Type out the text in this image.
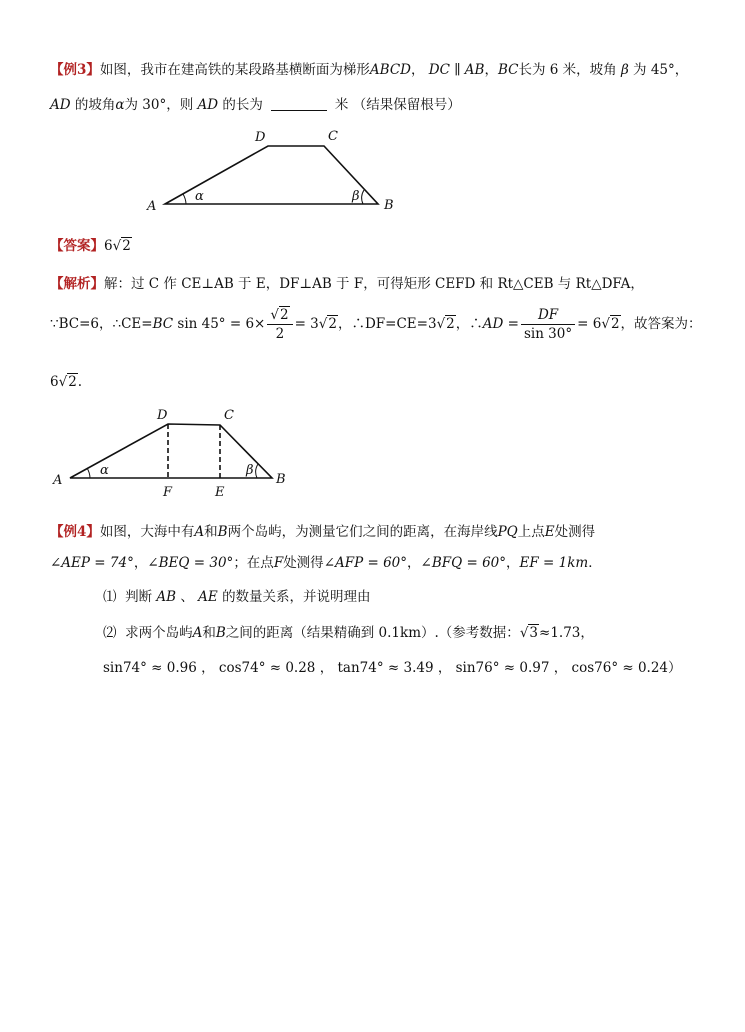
【例3】如图，我市在建高铁的某段路基横断面为梯形ABCD， DC ∥ AB，BC长为 6 米，坡角 β 为 45°，
AD 的坡角α为 30°，则 AD 的长为	米 （结果保留根号）
A	B
C
D
α	β
【答案】6√2
【解析】解：过 C 作 CE⊥AB 于 E，DF⊥AB 于 F，可得矩形 CEFD 和 Rt△CEB 与 Rt△DFA，
∵BC=6，∴CE=BC $\sin 45^\circ = 6\times \frac{√2}{2} = 3√2$，∴DF=CE=3√2，∴AD = $\frac{DF}{\sin 30^\circ} = 6√2$，故答案为：
6√2.
A	B
C
D
E
F
α	β
【例4】如图，大海中有A和B两个岛屿，为测量它们之间的距离，在海岸线PQ上点E处测得
∠AEP = 74°，∠BEQ = 30°；在点F处测得∠AFP = 60°，∠BFQ = 60°，EF = 1km．
⑴ 判断 AB 、 AE 的数量关系，并说明理由
⑵ 求两个岛屿A和B之间的距离（结果精确到 0.1km）.（参考数据：√3≈1.73，
sin74° ≈ 0.96 ， cos74° ≈ 0.28 ， tan74° ≈ 3.49 ， sin76° ≈ 0.97 ， cos76° ≈ 0.24）
